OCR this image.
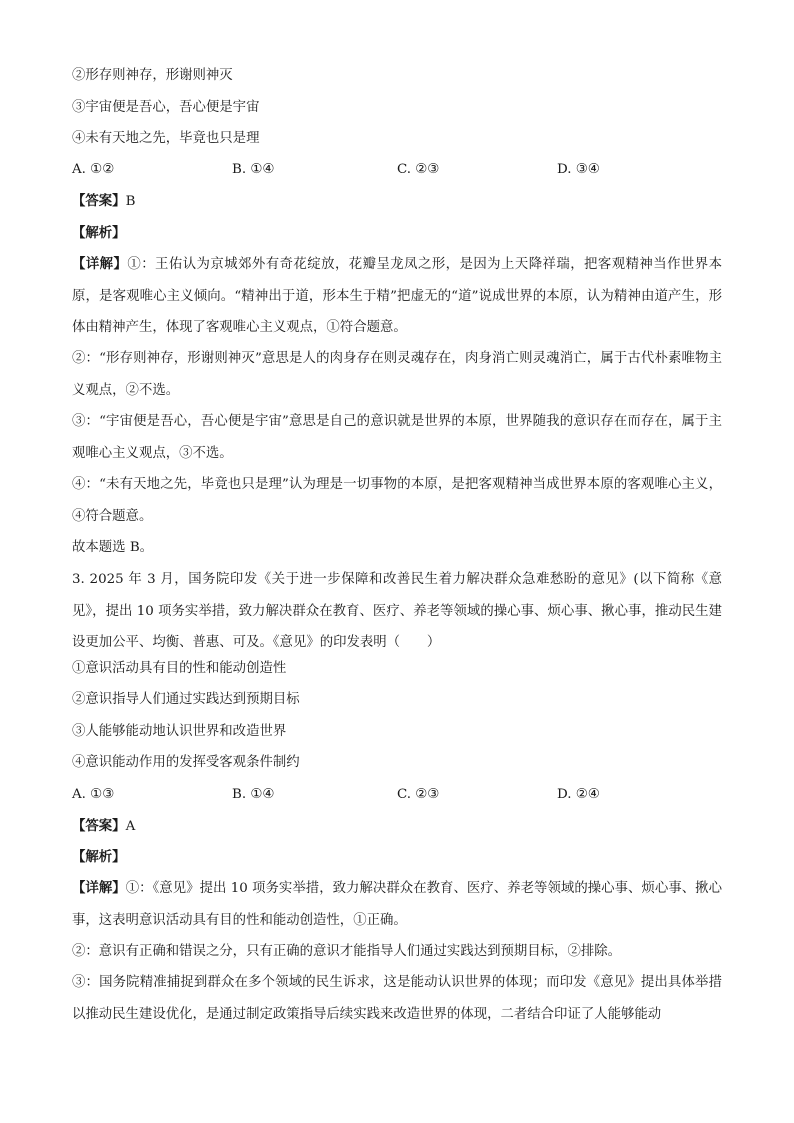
②形存则神存，形谢则神灭
③宇宙便是吾心，吾心便是宇宙
④未有天地之先，毕竟也只是理
A. ①②	B. ①④	C. ②③	D. ③④
【答案】B
【解析】
【详解】①：王佑认为京城郊外有奇花绽放，花瓣呈龙凤之形，是因为上天降祥瑞，把客观精神当作世界本原，是客观唯心主义倾向。“精神出于道，形本生于精”把虚无的“道”说成世界的本原，认为精神由道产生，形体由精神产生，体现了客观唯心主义观点，①符合题意。
②：“形存则神存，形谢则神灭”意思是人的肉身存在则灵魂存在，肉身消亡则灵魂消亡，属于古代朴素唯物主义观点，②不选。
③：“宇宙便是吾心，吾心便是宇宙”意思是自己的意识就是世界的本原，世界随我的意识存在而存在，属于主观唯心主义观点，③不选。
④：“未有天地之先，毕竟也只是理”认为理是一切事物的本原，是把客观精神当成世界本原的客观唯心主义，④符合题意。
故本题选 B。
3. 2025 年 3 月，国务院印发《关于进一步保障和改善民生着力解决群众急难愁盼的意见》(以下简称《意见》，提出 10 项务实举措，致力解决群众在教育、医疗、养老等领域的操心事、烦心事、揪心事，推动民生建设更加公平、均衡、普惠、可及。《意见》的印发表明（　　）
①意识活动具有目的性和能动创造性
②意识指导人们通过实践达到预期目标
③人能够能动地认识世界和改造世界
④意识能动作用的发挥受客观条件制约
A. ①③	B. ①④	C. ②③	D. ②④
【答案】A
【解析】
【详解】①：《意见》提出 10 项务实举措，致力解决群众在教育、医疗、养老等领域的操心事、烦心事、揪心事，这表明意识活动具有目的性和能动创造性，①正确。
②：意识有正确和错误之分，只有正确的意识才能指导人们通过实践达到预期目标，②排除。
③：国务院精准捕捉到群众在多个领域的民生诉求，这是能动认识世界的体现；而印发《意见》提出具体举措以推动民生建设优化，是通过制定政策指导后续实践来改造世界的体现，二者结合印证了人能够能动
